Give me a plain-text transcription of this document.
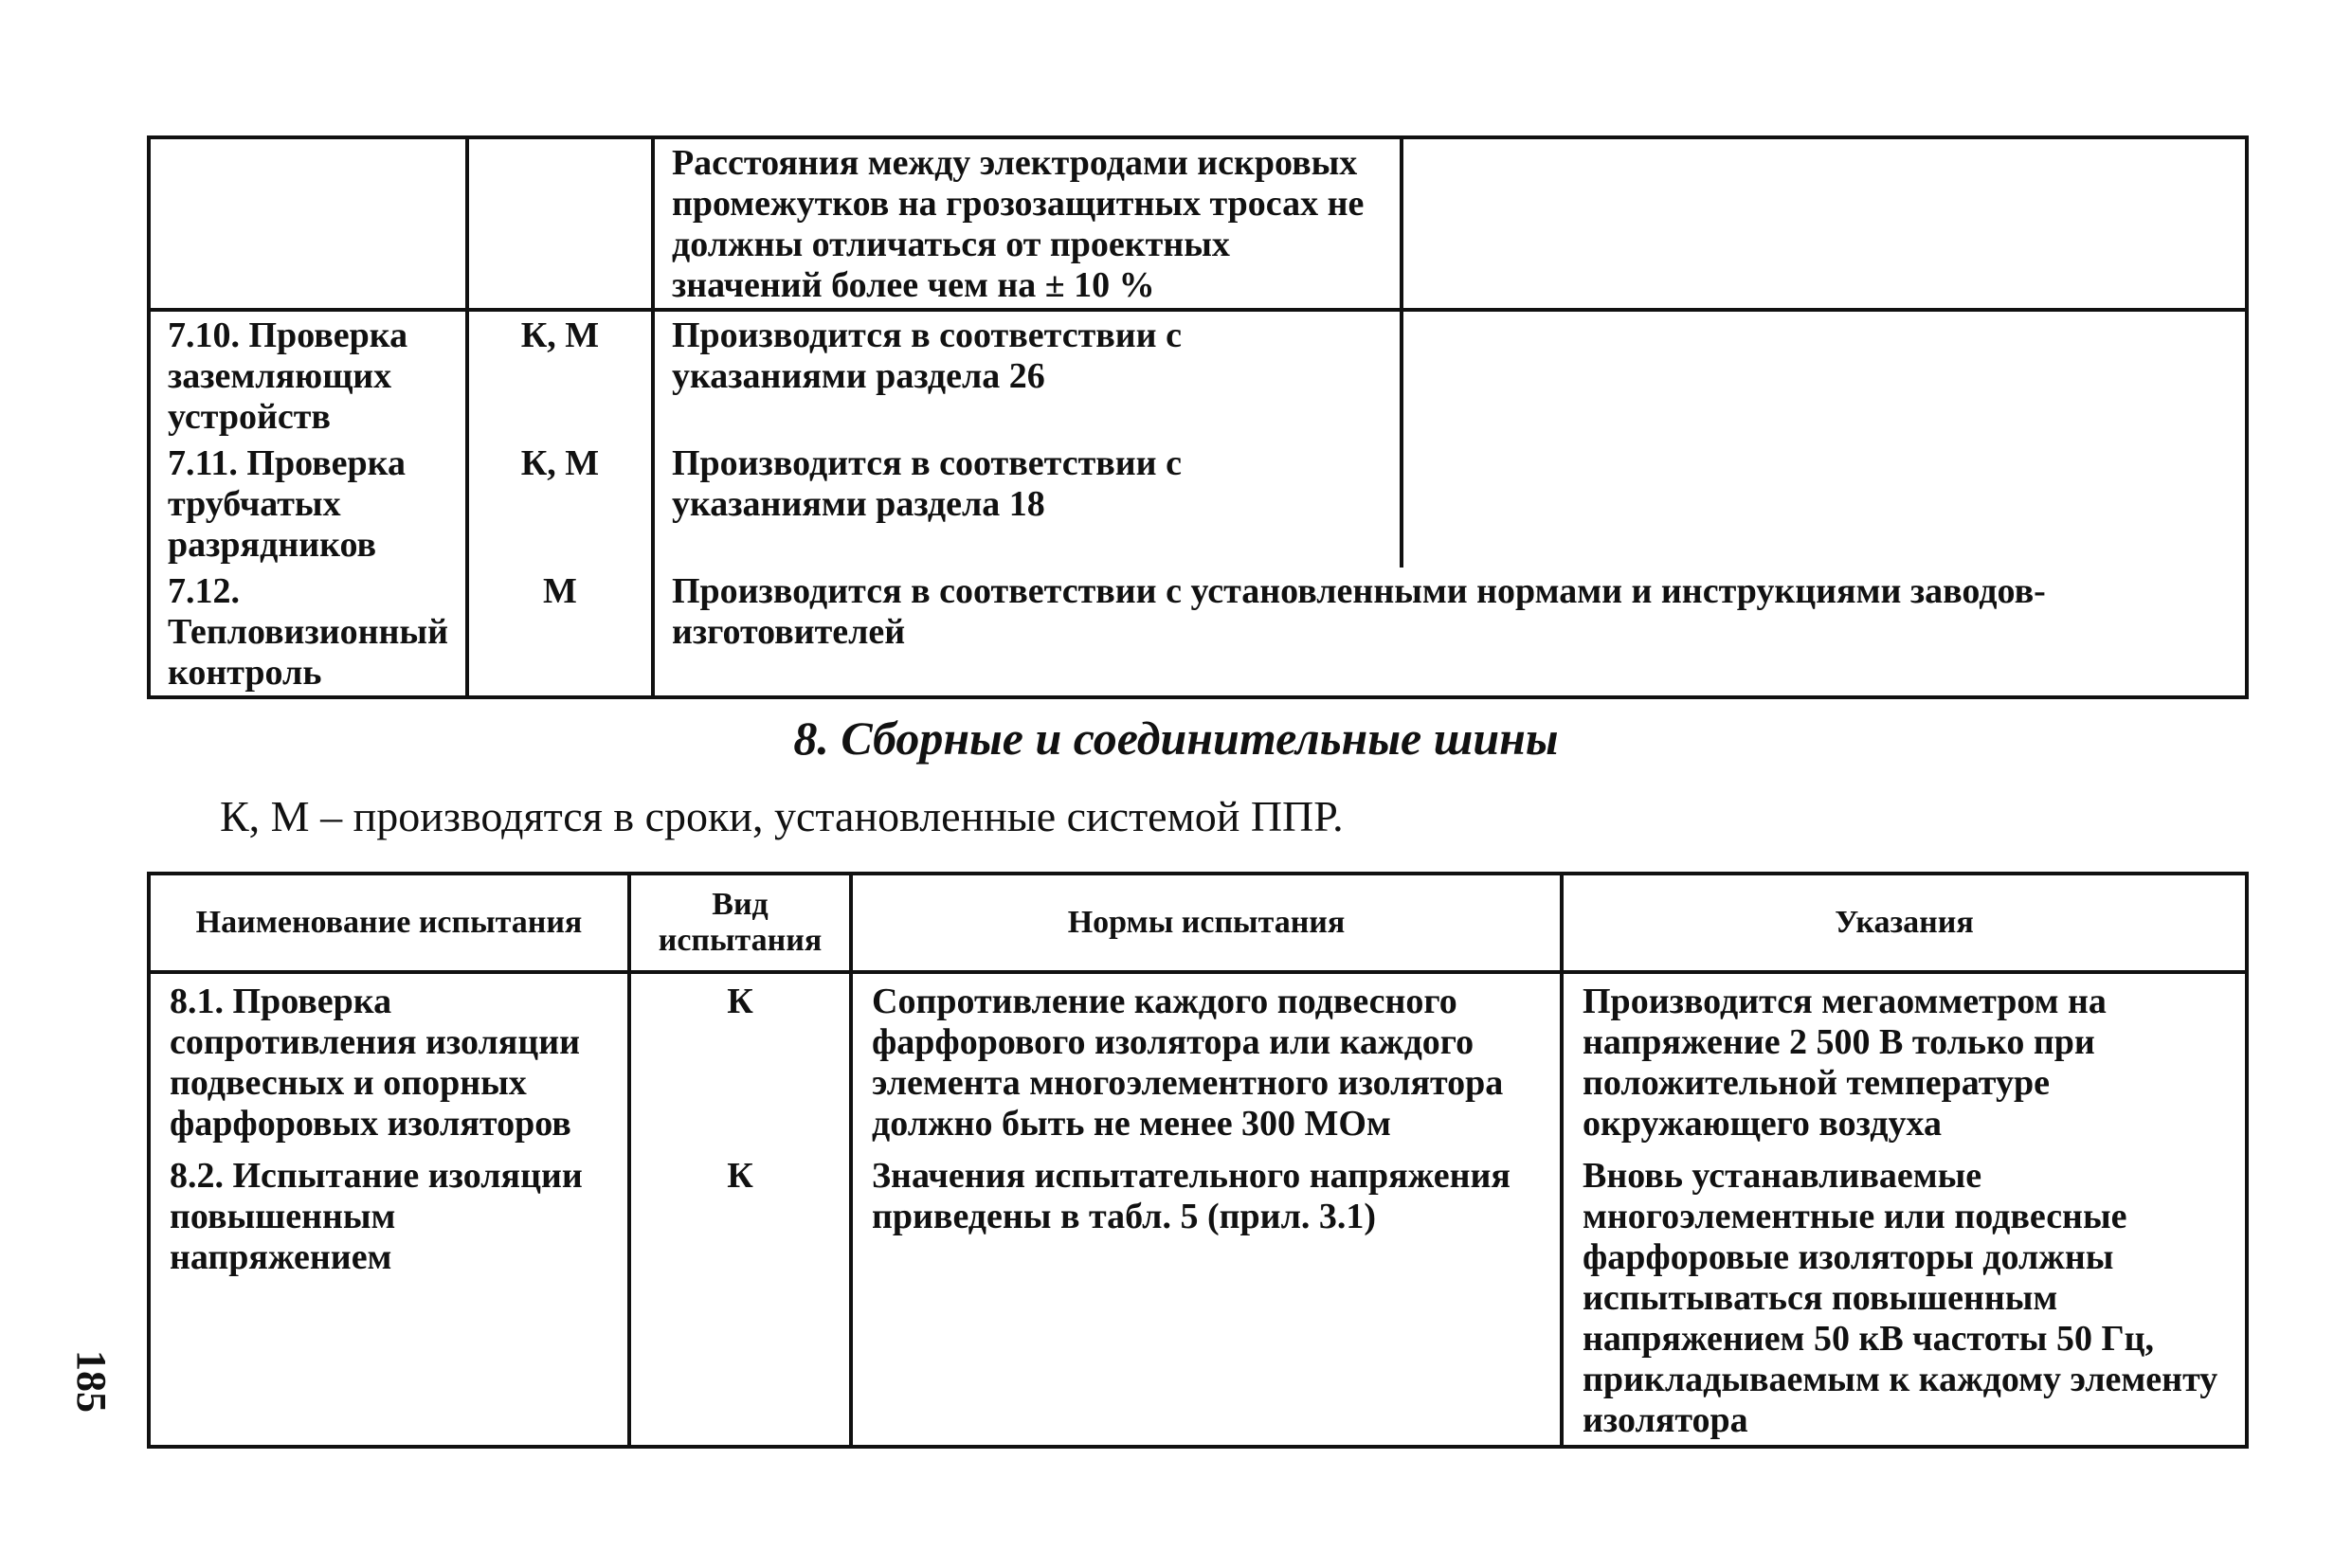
		Расстояния между электродами искровых промежутков на грозозащитных тросах не должны отличаться от проектных значений более чем на ± 10 %	
7.10. Проверка заземляющих устройств	К, М	Производится в соответствии с указаниями раздела 26	
7.11. Проверка трубчатых разрядников	К, М	Производится в соответствии с указаниями раздела 18	
7.12. Тепловизионный контроль	М	Производится в соответствии с установленными нормами и инструкциями заводов-изготовителей	
8. Сборные и соединительные шины
К, М – производятся в сроки, установленные системой ППР.
Наименование испытания	Вид испытания	Нормы испытания	Указания
8.1. Проверка сопротивления изоляции подвесных и опорных фарфоровых изоляторов	К	Сопротивление каждого подвесного фарфорового изолятора или каждого элемента многоэлементного изолятора должно быть не менее 300 МОм	Производится мегаомметром на напряжение 2 500 В только при положительной температуре окружающего воздуха
8.2. Испытание изоляции повышенным напряжением	К	Значения испытательного напряжения приведены в табл. 5 (прил. 3.1)	Вновь устанавливаемые многоэлементные или подвесные фарфоровые изоляторы должны испытываться повышенным напряжением 50 кВ частоты 50 Гц, прикладываемым к каждому элементу изолятора
185
